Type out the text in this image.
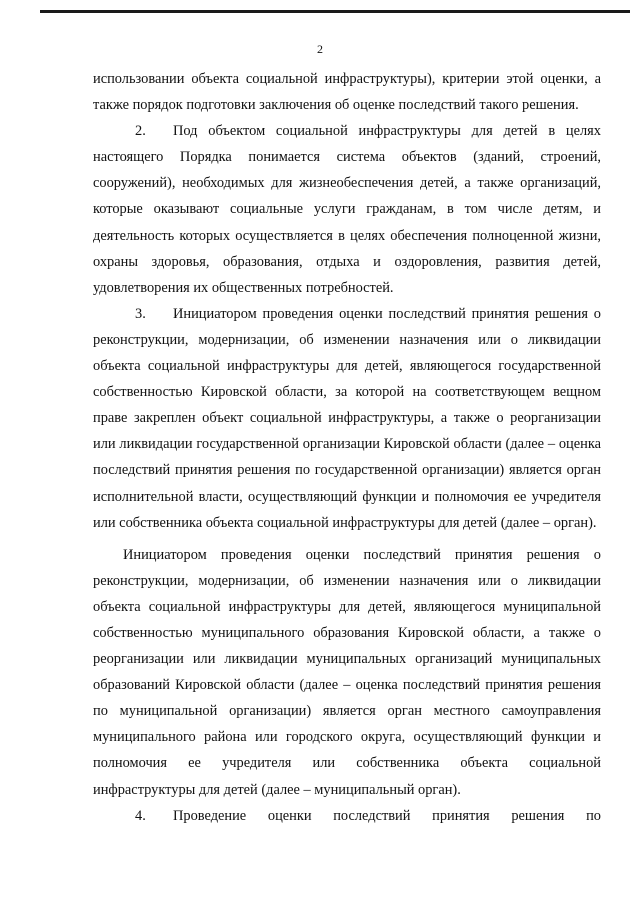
2

использовании объекта социальной инфраструктуры), критерии этой оценки, а также порядок подготовки заключения об оценке последствий такого решения.

2. Под объектом социальной инфраструктуры для детей в целях настоящего Порядка понимается система объектов (зданий, строений, сооружений), необходимых для жизнеобеспечения детей, а также организаций, которые оказывают социальные услуги гражданам, в том числе детям, и деятельность которых осуществляется в целях обеспечения полноценной жизни, охраны здоровья, образования, отдыха и оздоровления, развития детей, удовлетворения их общественных потребностей.

3. Инициатором проведения оценки последствий принятия решения о реконструкции, модернизации, об изменении назначения или о ликвидации объекта социальной инфраструктуры для детей, являющегося государственной собственностью Кировской области, за которой на соответствующем вещном праве закреплен объект социальной инфраструктуры, а также о реорганизации или ликвидации государственной организации Кировской области (далее – оценка последствий принятия решения по государственной организации) является орган исполнительной власти, осуществляющий функции и полномочия ее учредителя или собственника объекта социальной инфраструктуры для детей (далее – орган).

Инициатором проведения оценки последствий принятия решения о реконструкции, модернизации, об изменении назначения или о ликвидации объекта социальной инфраструктуры для детей, являющегося муниципальной собственностью муниципального образования Кировской области, а также о реорганизации или ликвидации муниципальных организаций муниципальных образований Кировской области (далее – оценка последствий принятия решения по муниципальной организации) является орган местного самоуправления муниципального района или городского округа, осуществляющий функции и полномочия ее учредителя или собственника объекта социальной инфраструктуры для детей (далее – муниципальный орган).

4. Проведение оценки последствий принятия решения по
